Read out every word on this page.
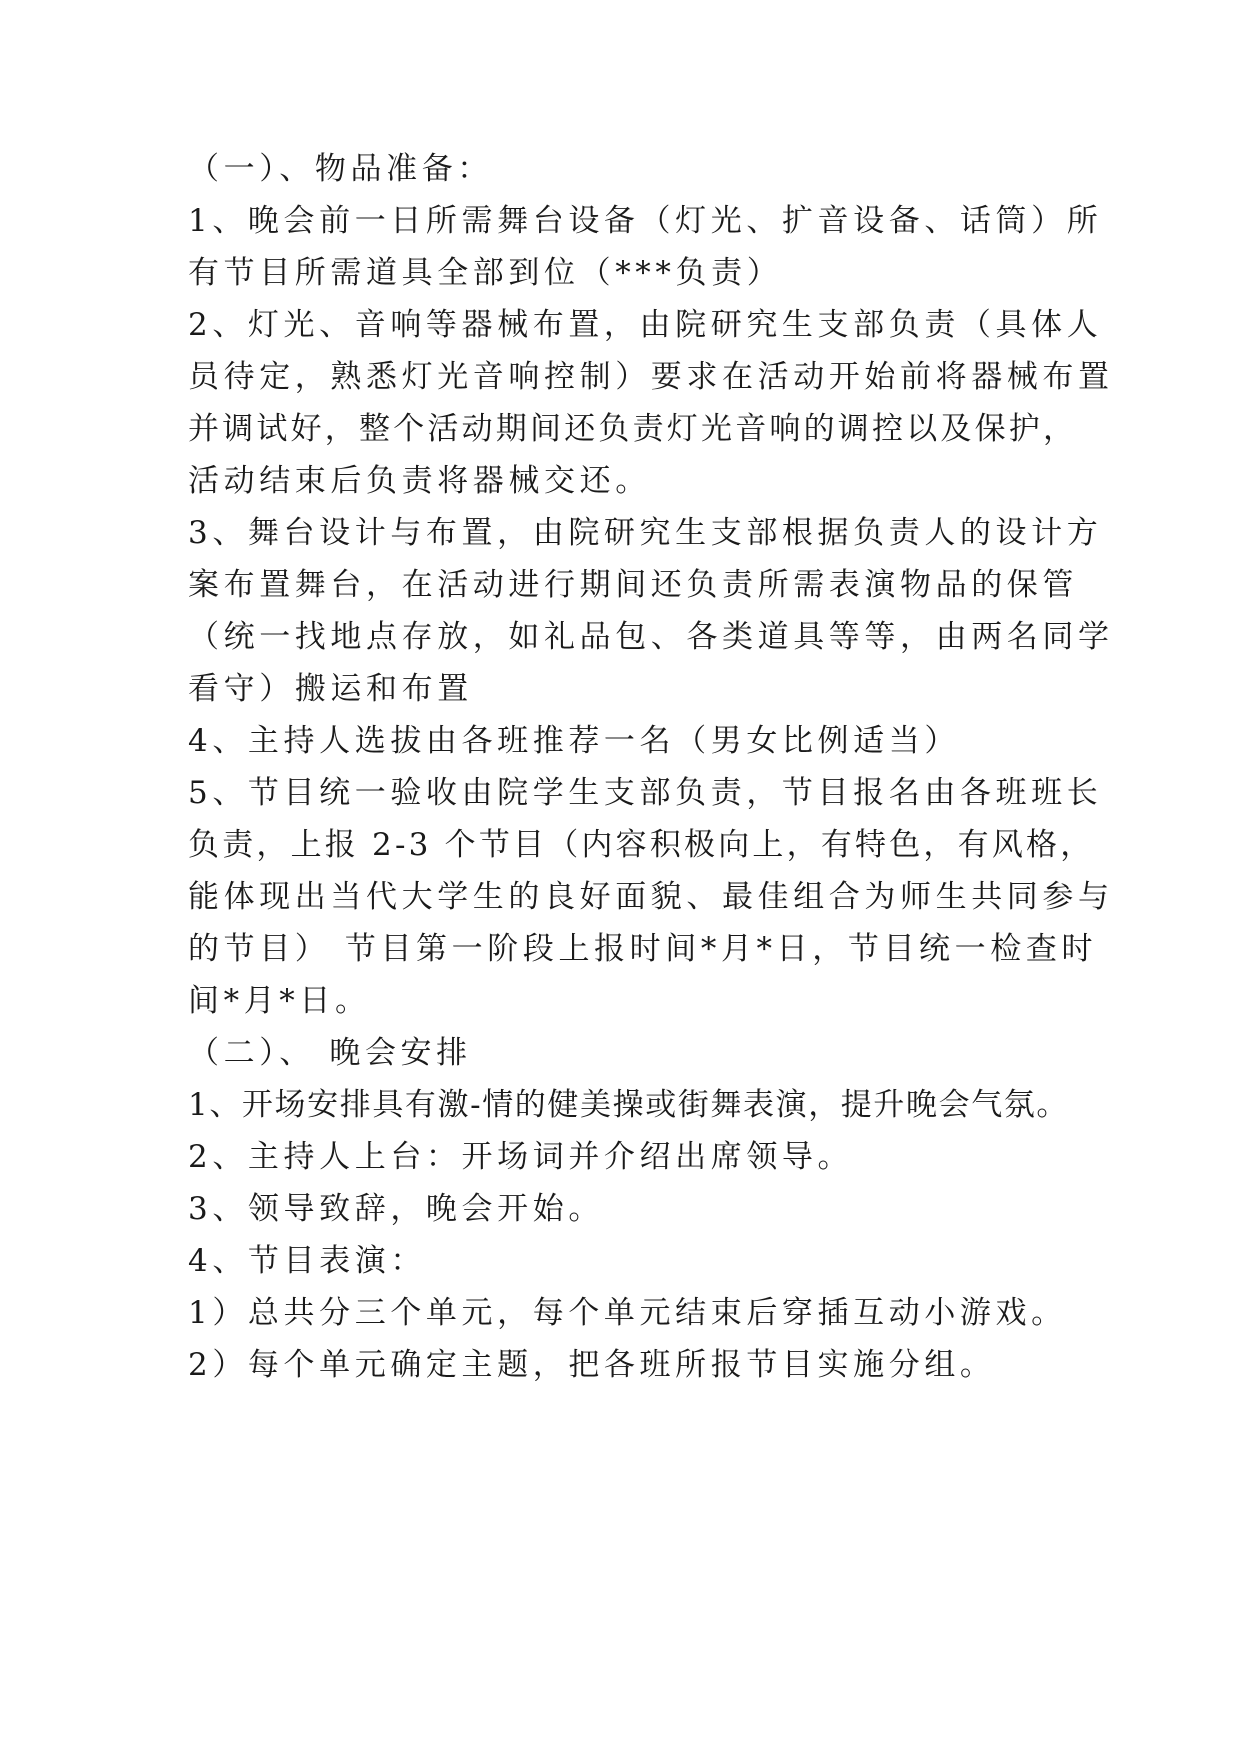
（一）、物品准备：
1、晚会前一日所需舞台设备（灯光、扩音设备、话筒）所
有节目所需道具全部到位（***负责）
2、灯光、音响等器械布置，由院研究生支部负责（具体人
员待定，熟悉灯光音响控制）要求在活动开始前将器械布置
并调试好，整个活动期间还负责灯光音响的调控以及保护，
活动结束后负责将器械交还。
3、舞台设计与布置，由院研究生支部根据负责人的设计方
案布置舞台，在活动进行期间还负责所需表演物品的保管
（统一找地点存放，如礼品包、各类道具等等，由两名同学
看守）搬运和布置
4、主持人选拔由各班推荐一名（男女比例适当）
5、节目统一验收由院学生支部负责，节目报名由各班班长
负责，上报 2-3 个节目（内容积极向上，有特色，有风格，
能体现出当代大学生的良好面貌、最佳组合为师生共同参与
的节目） 节目第一阶段上报时间*月*日，节目统一检查时
间*月*日。
（二）、 晚会安排
1、开场安排具有激-情的健美操或街舞表演，提升晚会气氛。
2、主持人上台：开场词并介绍出席领导。
3、领导致辞，晚会开始。
4、节目表演：
1）总共分三个单元，每个单元结束后穿插互动小游戏。
2）每个单元确定主题，把各班所报节目实施分组。
